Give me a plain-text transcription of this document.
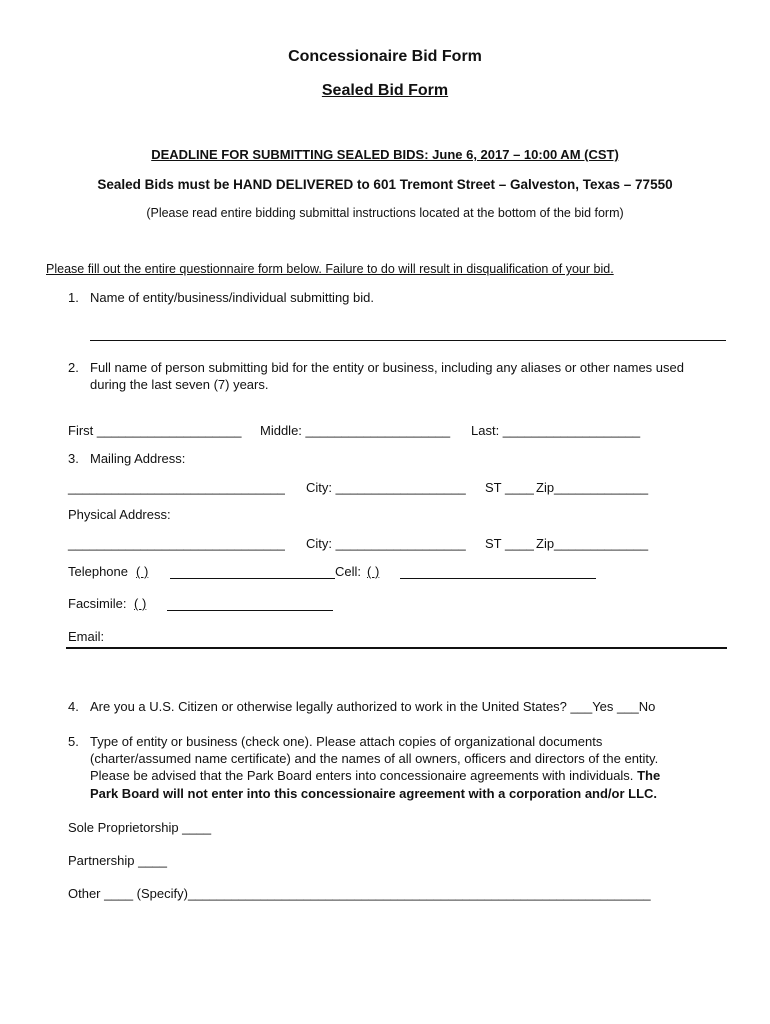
Concessionaire Bid Form
Sealed Bid Form
DEADLINE FOR SUBMITTING SEALED BIDS: June 6, 2017 – 10:00 AM (CST)
Sealed Bids must be HAND DELIVERED to 601 Tremont Street – Galveston, Texas – 77550
(Please read entire bidding submittal instructions located at the bottom of the bid form)
Please fill out the entire questionnaire form below. Failure to do will result in disqualification of your bid.
1. Name of entity/business/individual submitting bid.
2. Full name of person submitting bid for the entity or business, including any aliases or other names used
during the last seven (7) years.
First ____________________ Middle: ____________________ Last: ___________________
3. Mailing Address:
______________________________ City: __________________ ST ____ Zip_____________
Physical Address:
______________________________ City: __________________ ST ____ Zip_____________
Telephone ( )	Cell: ( )
Facsimile: ( )
Email:
4. Are you a U.S. Citizen or otherwise legally authorized to work in the United States? ___Yes ___No
5. Type of entity or business (check one). Please attach copies of organizational documents
(charter/assumed name certificate) and the names of all owners, officers and directors of the entity.
Please be advised that the Park Board enters into concessionaire agreements with individuals. The
Park Board will not enter into this concessionaire agreement with a corporation and/or LLC.
Sole Proprietorship ____
Partnership ____
Other ____ (Specify)________________________________________________________________
